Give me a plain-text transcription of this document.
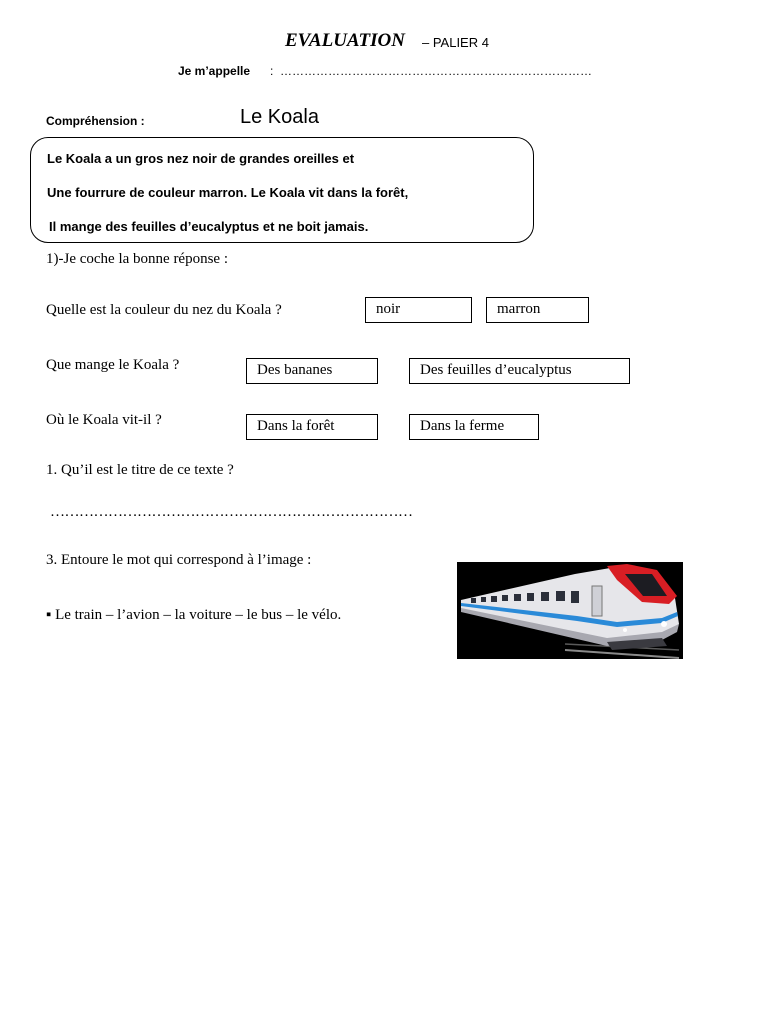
EVALUATION – PALIER 4
Je m’appelle : ……………………………………………………………………
Compréhension :	Le Koala
Le Koala a un gros nez noir de grandes oreilles et
Une fourrure de couleur marron. Le Koala vit dans la forêt,
Il mange des feuilles d’eucalyptus et ne boit jamais.
1)-Je coche la bonne réponse :
Quelle est la couleur du nez du Koala ?	noir	marron
Que mange le Koala ?	Des bananes	Des feuilles d’eucalyptus
Où le Koala vit-il ?	Dans la forêt	Dans la ferme
1. Qu’il est le titre de ce texte ?
…………………………………………………………………
3. Entoure le mot qui correspond à l’image :
▪ Le train – l’avion – la voiture – le bus – le vélo.
